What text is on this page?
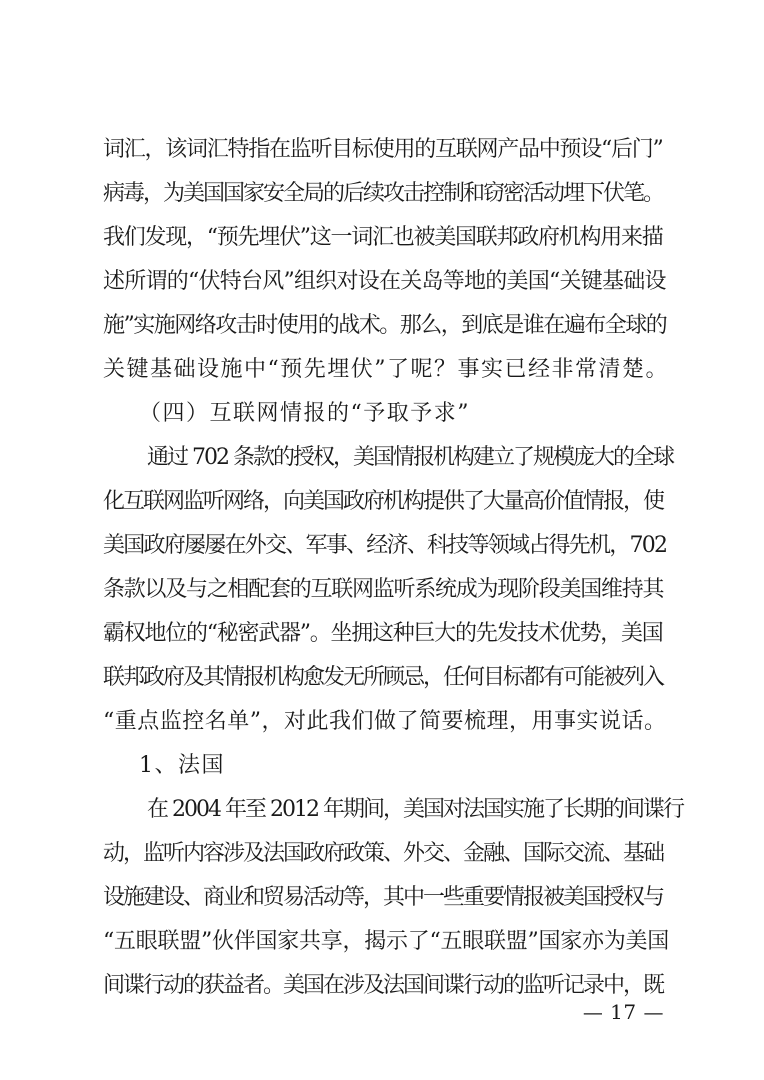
词汇，该词汇特指在监听目标使用的互联网产品中预设“后门”
病毒，为美国国家安全局的后续攻击控制和窃密活动埋下伏笔。
我们发现，“预先埋伏”这一词汇也被美国联邦政府机构用来描
述所谓的“伏特台风”组织对设在关岛等地的美国“关键基础设
施”实施网络攻击时使用的战术。那么，到底是谁在遍布全球的
关键基础设施中“预先埋伏”了呢？事实已经非常清楚。
（四）互联网情报的“予取予求”
通过 702 条款的授权，美国情报机构建立了规模庞大的全球
化互联网监听网络，向美国政府机构提供了大量高价值情报，使
美国政府屡屡在外交、军事、经济、科技等领域占得先机，702
条款以及与之相配套的互联网监听系统成为现阶段美国维持其
霸权地位的“秘密武器”。坐拥这种巨大的先发技术优势，美国
联邦政府及其情报机构愈发无所顾忌，任何目标都有可能被列入
“重点监控名单”，对此我们做了简要梳理，用事实说话。
1、法国
在 2004 年至 2012 年期间，美国对法国实施了长期的间谍行
动，监听内容涉及法国政府政策、外交、金融、国际交流、基础
设施建设、商业和贸易活动等，其中一些重要情报被美国授权与
“五眼联盟”伙伴国家共享，揭示了“五眼联盟”国家亦为美国
间谍行动的获益者。美国在涉及法国间谍行动的监听记录中，既
— 17 —
